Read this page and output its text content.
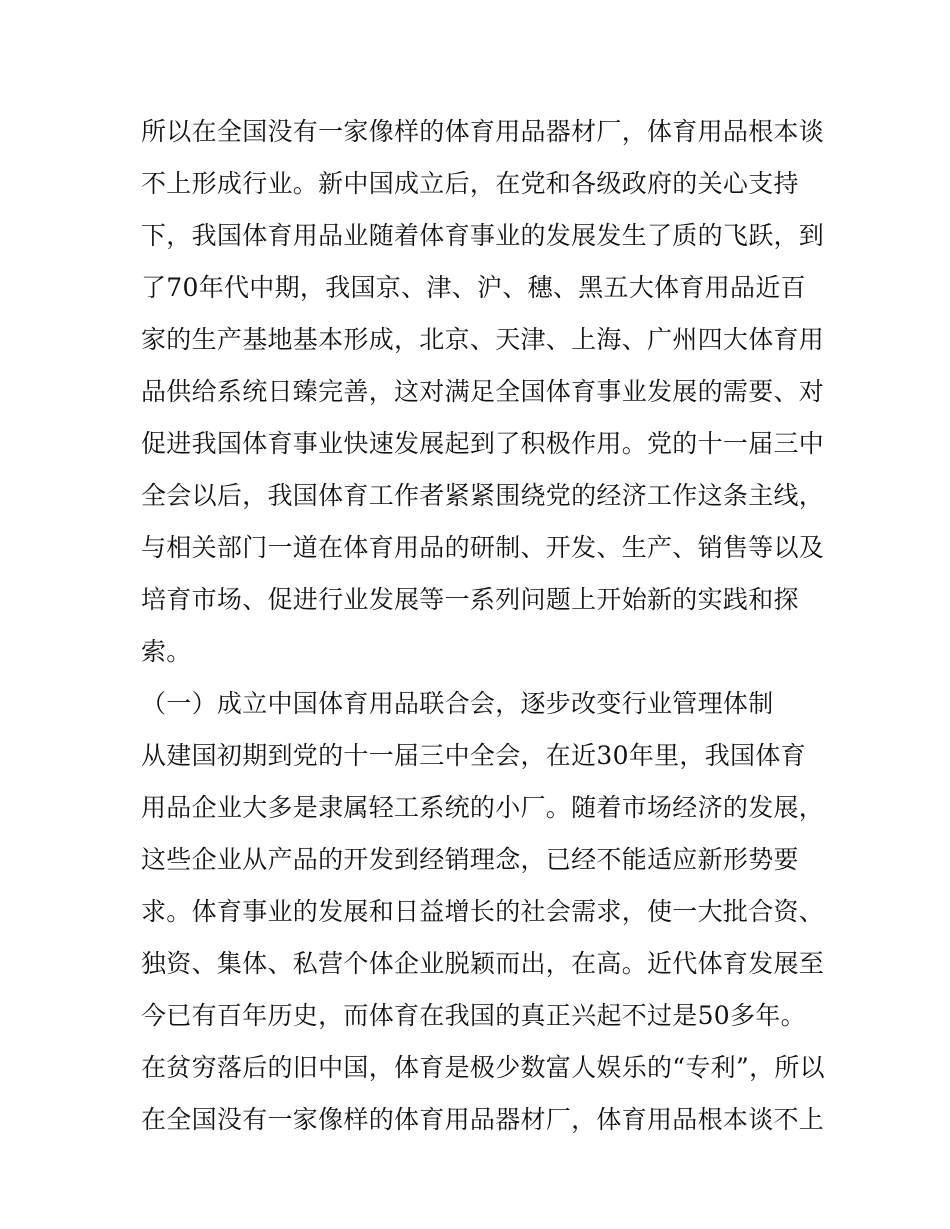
所以在全国没有一家像样的体育用品器材厂，体育用品根本谈
不上形成行业。新中国成立后，在党和各级政府的关心支持
下，我国体育用品业随着体育事业的发展发生了质的飞跃，到
了70年代中期，我国京、津、沪、穗、黑五大体育用品近百
家的生产基地基本形成，北京、天津、上海、广州四大体育用
品供给系统日臻完善，这对满足全国体育事业发展的需要、对
促进我国体育事业快速发展起到了积极作用。党的十一届三中
全会以后，我国体育工作者紧紧围绕党的经济工作这条主线，
与相关部门一道在体育用品的研制、开发、生产、销售等以及
培育市场、促进行业发展等一系列问题上开始新的实践和探
索。
（一）成立中国体育用品联合会，逐步改变行业管理体制
从建国初期到党的十一届三中全会，在近30年里，我国体育
用品企业大多是隶属轻工系统的小厂。随着市场经济的发展，
这些企业从产品的开发到经销理念，已经不能适应新形势要
求。体育事业的发展和日益增长的社会需求，使一大批合资、
独资、集体、私营个体企业脱颖而出，在高。近代体育发展至
今已有百年历史，而体育在我国的真正兴起不过是50多年。
在贫穷落后的旧中国，体育是极少数富人娱乐的“专利”，所以
在全国没有一家像样的体育用品器材厂，体育用品根本谈不上
